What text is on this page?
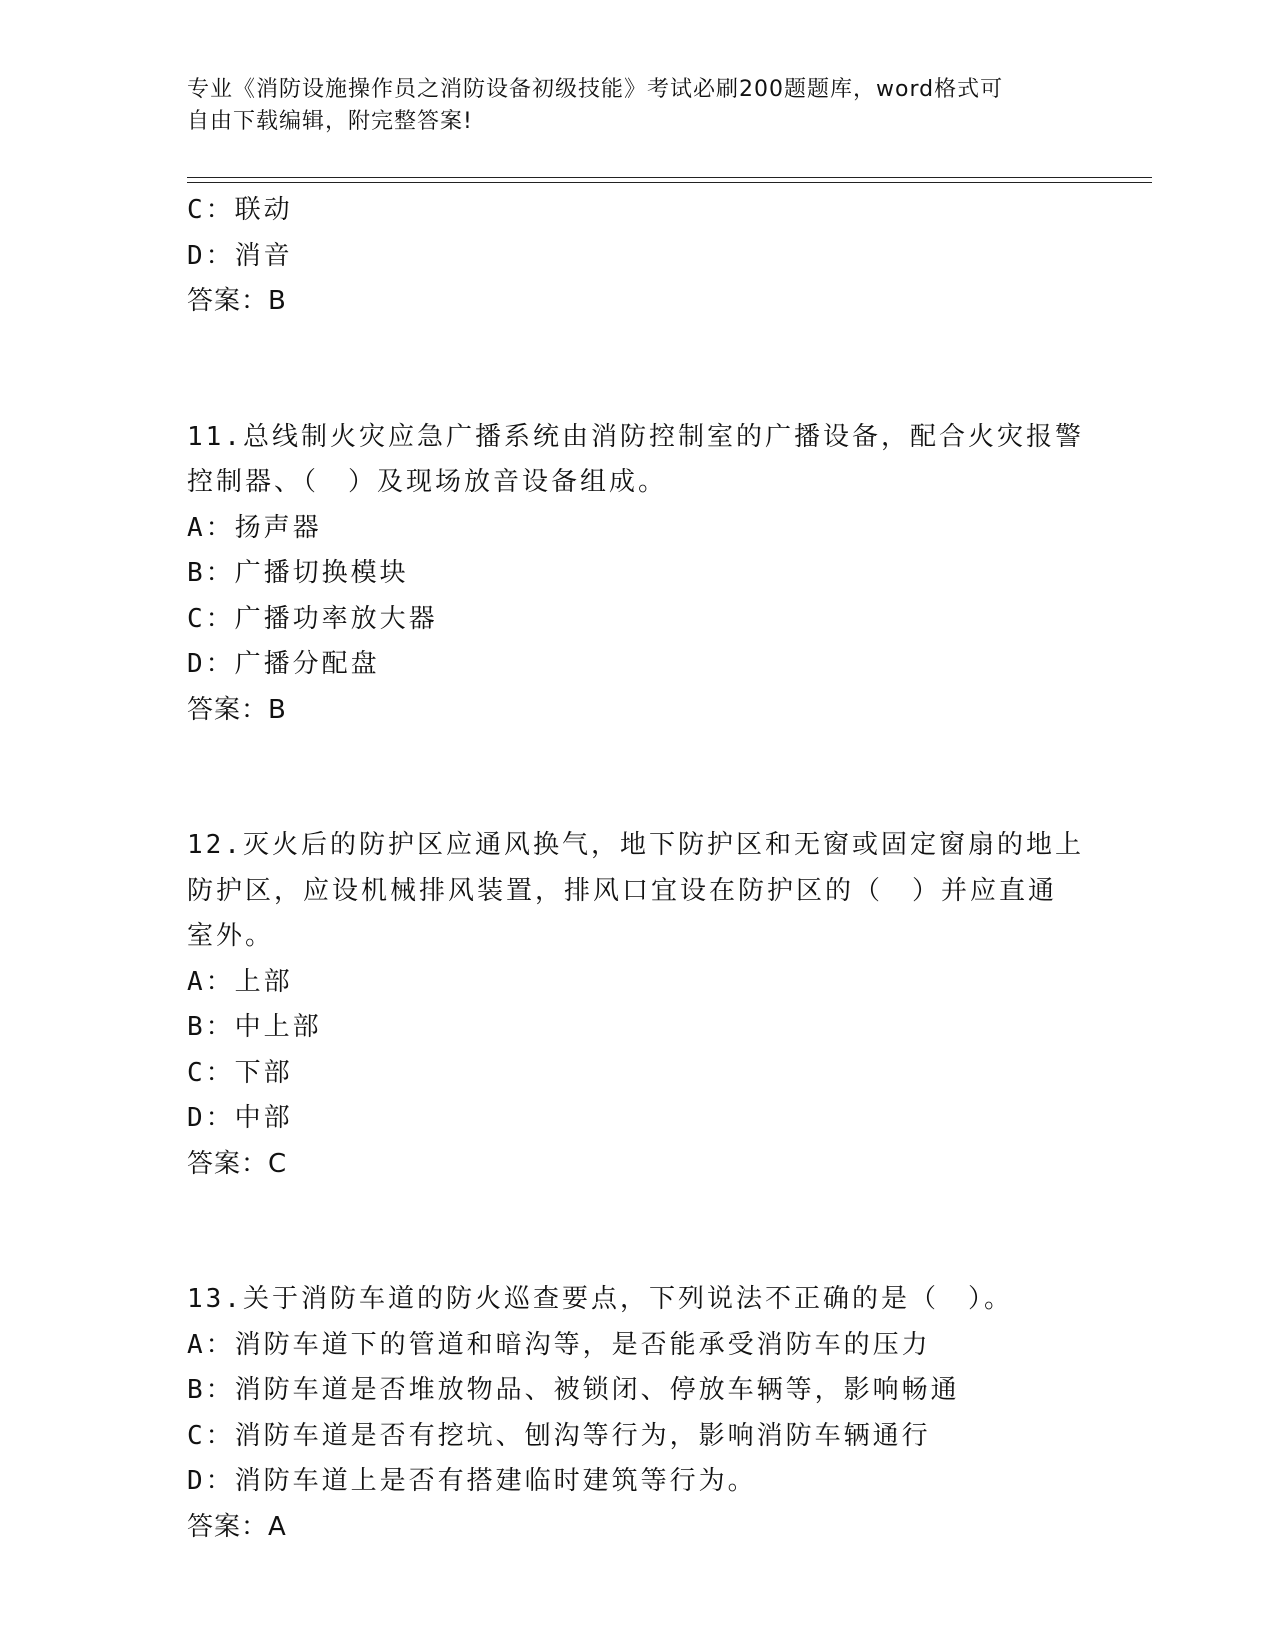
专业《消防设施操作员之消防设备初级技能》考试必刷200题题库，word格式可
自由下载编辑，附完整答案!
C：联动
D：消音
答案：B
11.总线制火灾应急广播系统由消防控制室的广播设备，配合火灾报警
控制器、（　）及现场放音设备组成。
A：扬声器
B：广播切换模块
C：广播功率放大器
D：广播分配盘
答案：B
12.灭火后的防护区应通风换气，地下防护区和无窗或固定窗扇的地上
防护区，应设机械排风装置，排风口宜设在防护区的（　）并应直通
室外。
A：上部
B：中上部
C：下部
D：中部
答案：C
13.关于消防车道的防火巡查要点，下列说法不正确的是（　）。
A：消防车道下的管道和暗沟等，是否能承受消防车的压力
B：消防车道是否堆放物品、被锁闭、停放车辆等，影响畅通
C：消防车道是否有挖坑、刨沟等行为，影响消防车辆通行
D：消防车道上是否有搭建临时建筑等行为。
答案：A
